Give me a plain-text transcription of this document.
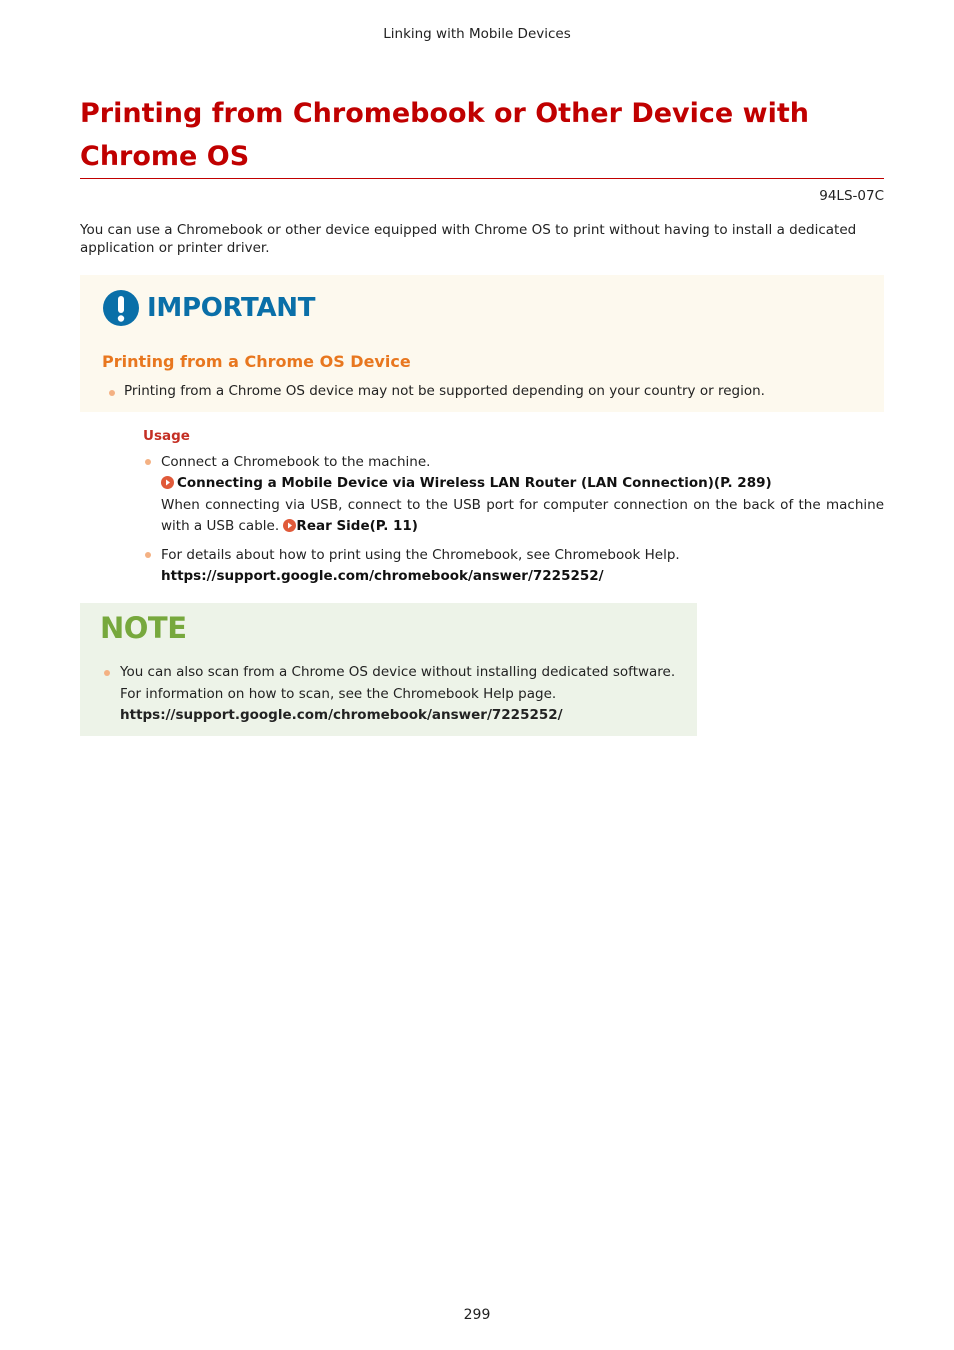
Linking with Mobile Devices
Printing from Chromebook or Other Device with
Chrome OS
94LS-07C

You can use a Chromebook or other device equipped with Chrome OS to print without having to install a dedicated application or printer driver.

IMPORTANT
Printing from a Chrome OS Device
Printing from a Chrome OS device may not be supported depending on your country or region.
Usage
Connect a Chromebook to the machine.
Connecting a Mobile Device via Wireless LAN Router (LAN Connection)(P. 289)
When connecting via USB, connect to the USB port for computer connection on the back of the machine
with a USB cable. Rear Side(P. 11)
For details about how to print using the Chromebook, see Chromebook Help.
https://support.google.com/chromebook/answer/7225252/
NOTE
You can also scan from a Chrome OS device without installing dedicated software.
For information on how to scan, see the Chromebook Help page.
https://support.google.com/chromebook/answer/7225252/
299
